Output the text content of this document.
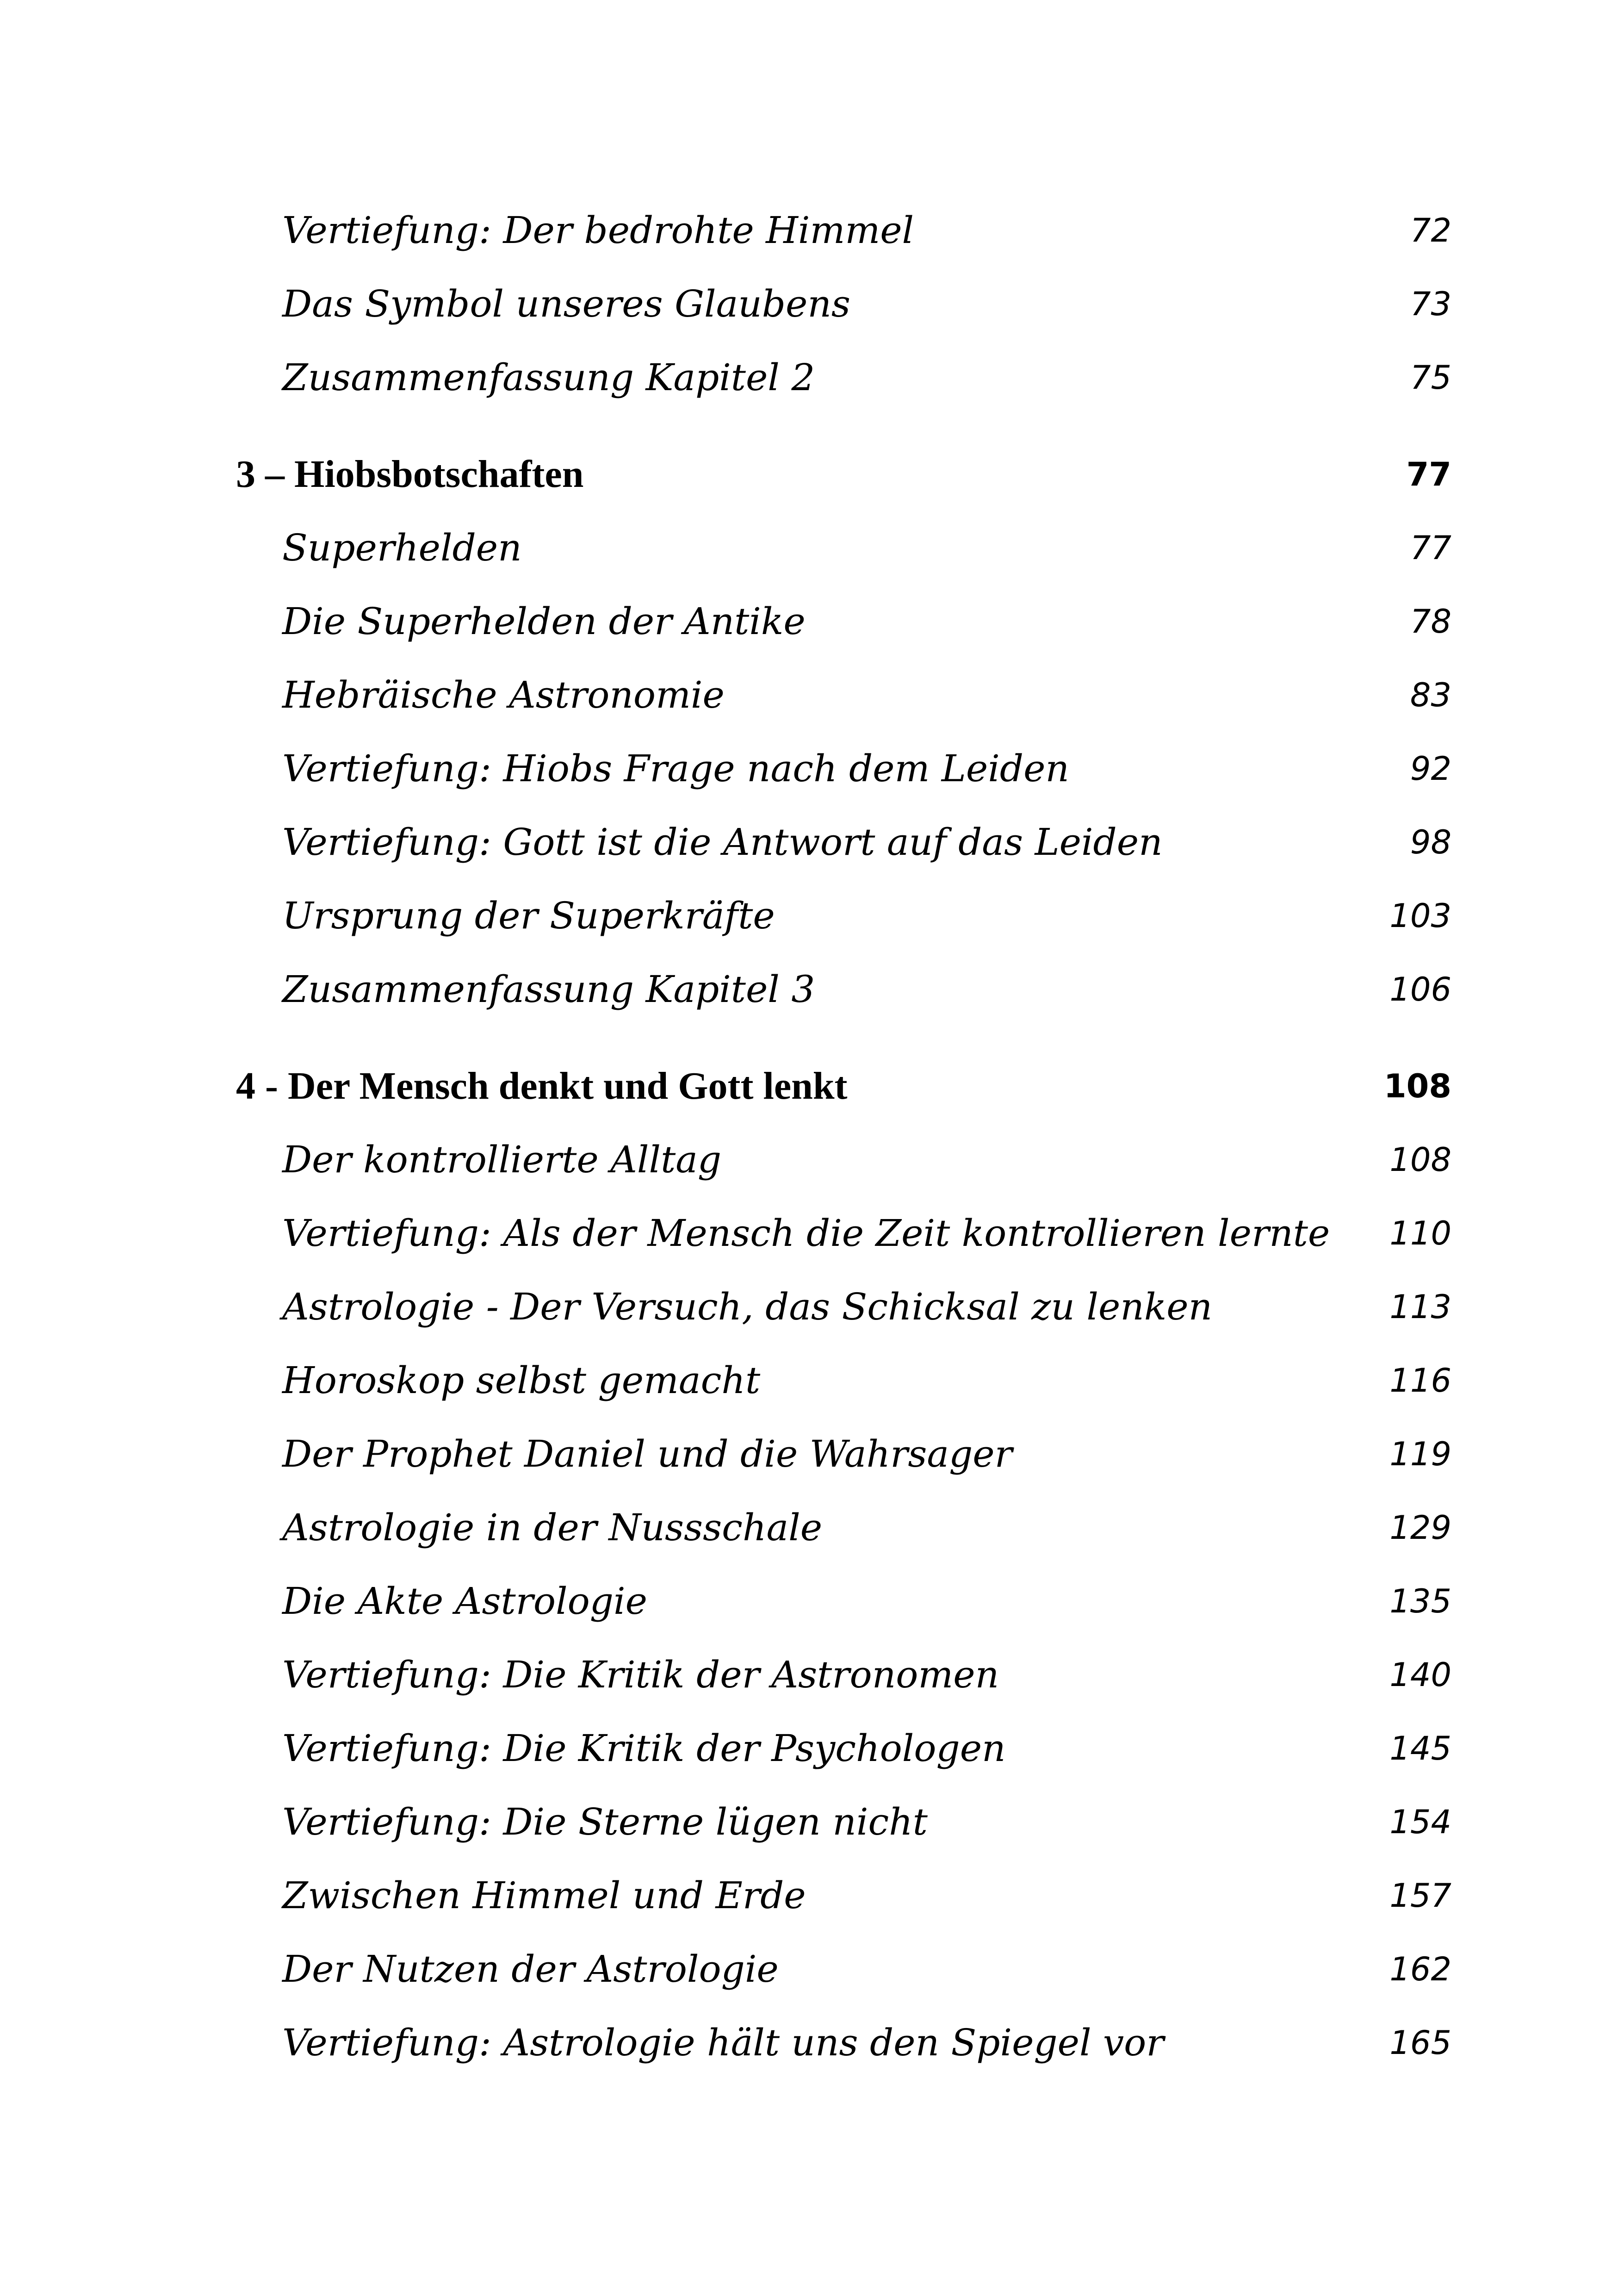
Vertiefung: Der bedrohte Himmel	72
Das Symbol unseres Glaubens	73
Zusammenfassung Kapitel 2	75
3 – Hiobsbotschaften	77
Superhelden	77
Die Superhelden der Antike	78
Hebräische Astronomie	83
Vertiefung: Hiobs Frage nach dem Leiden	92
Vertiefung: Gott ist die Antwort auf das Leiden	98
Ursprung der Superkräfte	103
Zusammenfassung Kapitel 3	106
4 - Der Mensch denkt und Gott lenkt	108
Der kontrollierte Alltag	108
Vertiefung: Als der Mensch die Zeit kontrollieren lernte 110
Astrologie - Der Versuch, das Schicksal zu lenken	113
Horoskop selbst gemacht	116
Der Prophet Daniel und die Wahrsager	119
Astrologie in der Nussschale	129
Die Akte Astrologie	135
Vertiefung: Die Kritik der Astronomen	140
Vertiefung: Die Kritik der Psychologen	145
Vertiefung: Die Sterne lügen nicht	154
Zwischen Himmel und Erde	157
Der Nutzen der Astrologie	162
Vertiefung: Astrologie hält uns den Spiegel vor	165
